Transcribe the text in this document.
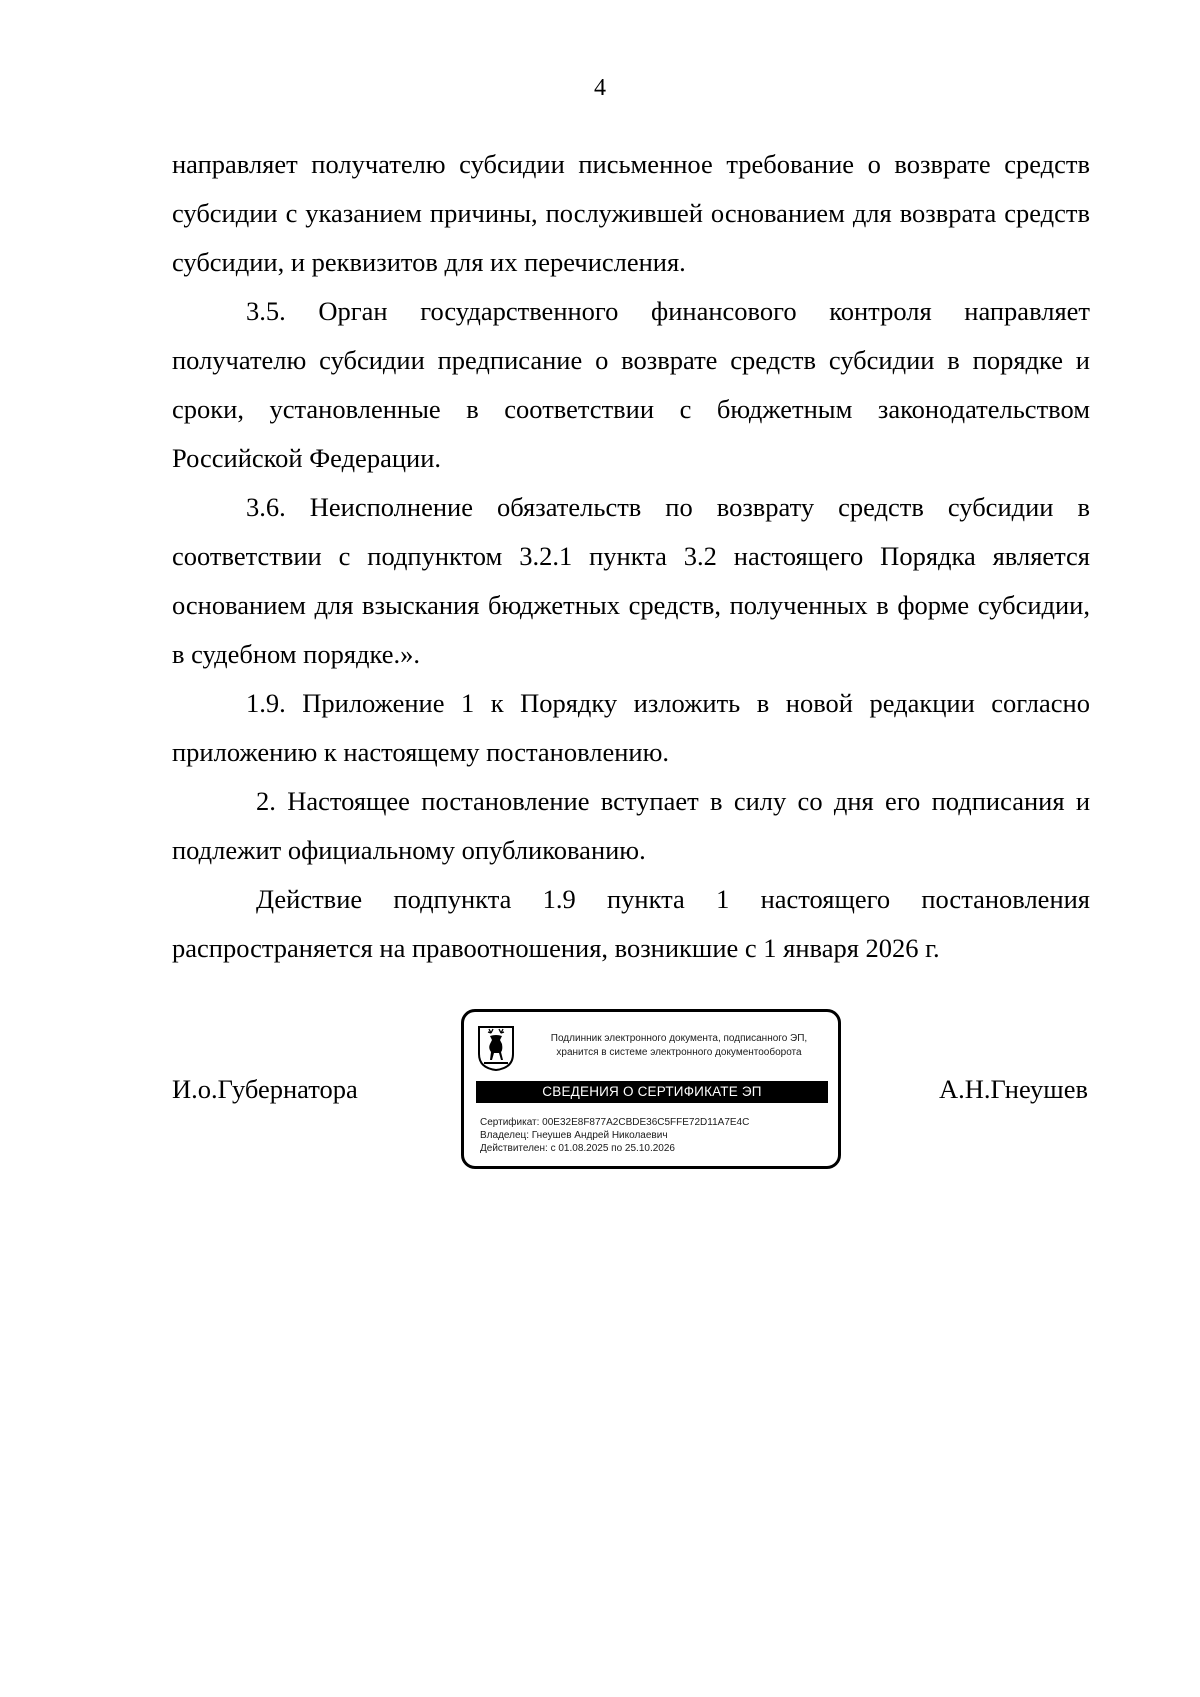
4

направляет получателю субсидии письменное требование о возврате средств субсидии с указанием причины, послужившей основанием для возврата средств субсидии, и реквизитов для их перечисления.

3.5. Орган государственного финансового контроля направляет получателю субсидии предписание о возврате средств субсидии в порядке и сроки, установленные в соответствии с бюджетным законодательством Российской Федерации.

3.6. Неисполнение обязательств по возврату средств субсидии в соответствии с подпунктом 3.2.1 пункта 3.2 настоящего Порядка является основанием для взыскания бюджетных средств, полученных в форме субсидии, в судебном порядке.».

1.9. Приложение 1 к Порядку изложить в новой редакции согласно приложению к настоящему постановлению.

2. Настоящее постановление вступает в силу со дня его подписания и подлежит официальному опубликованию.

Действие подпункта 1.9 пункта 1 настоящего постановления распространяется на правоотношения, возникшие с 1 января 2026 г.

И.о.Губернатора
Подлинник электронного документа, подписанного ЭП,
хранится в системе электронного документооборота
СВЕДЕНИЯ О СЕРТИФИКАТЕ ЭП
Сертификат: 00E32E8F877A2CBDE36C5FFE72D11A7E4C
Владелец: Гнеушев Андрей Николаевич
Действителен: с 01.08.2025 по 25.10.2026
А.Н.Гнеушев
